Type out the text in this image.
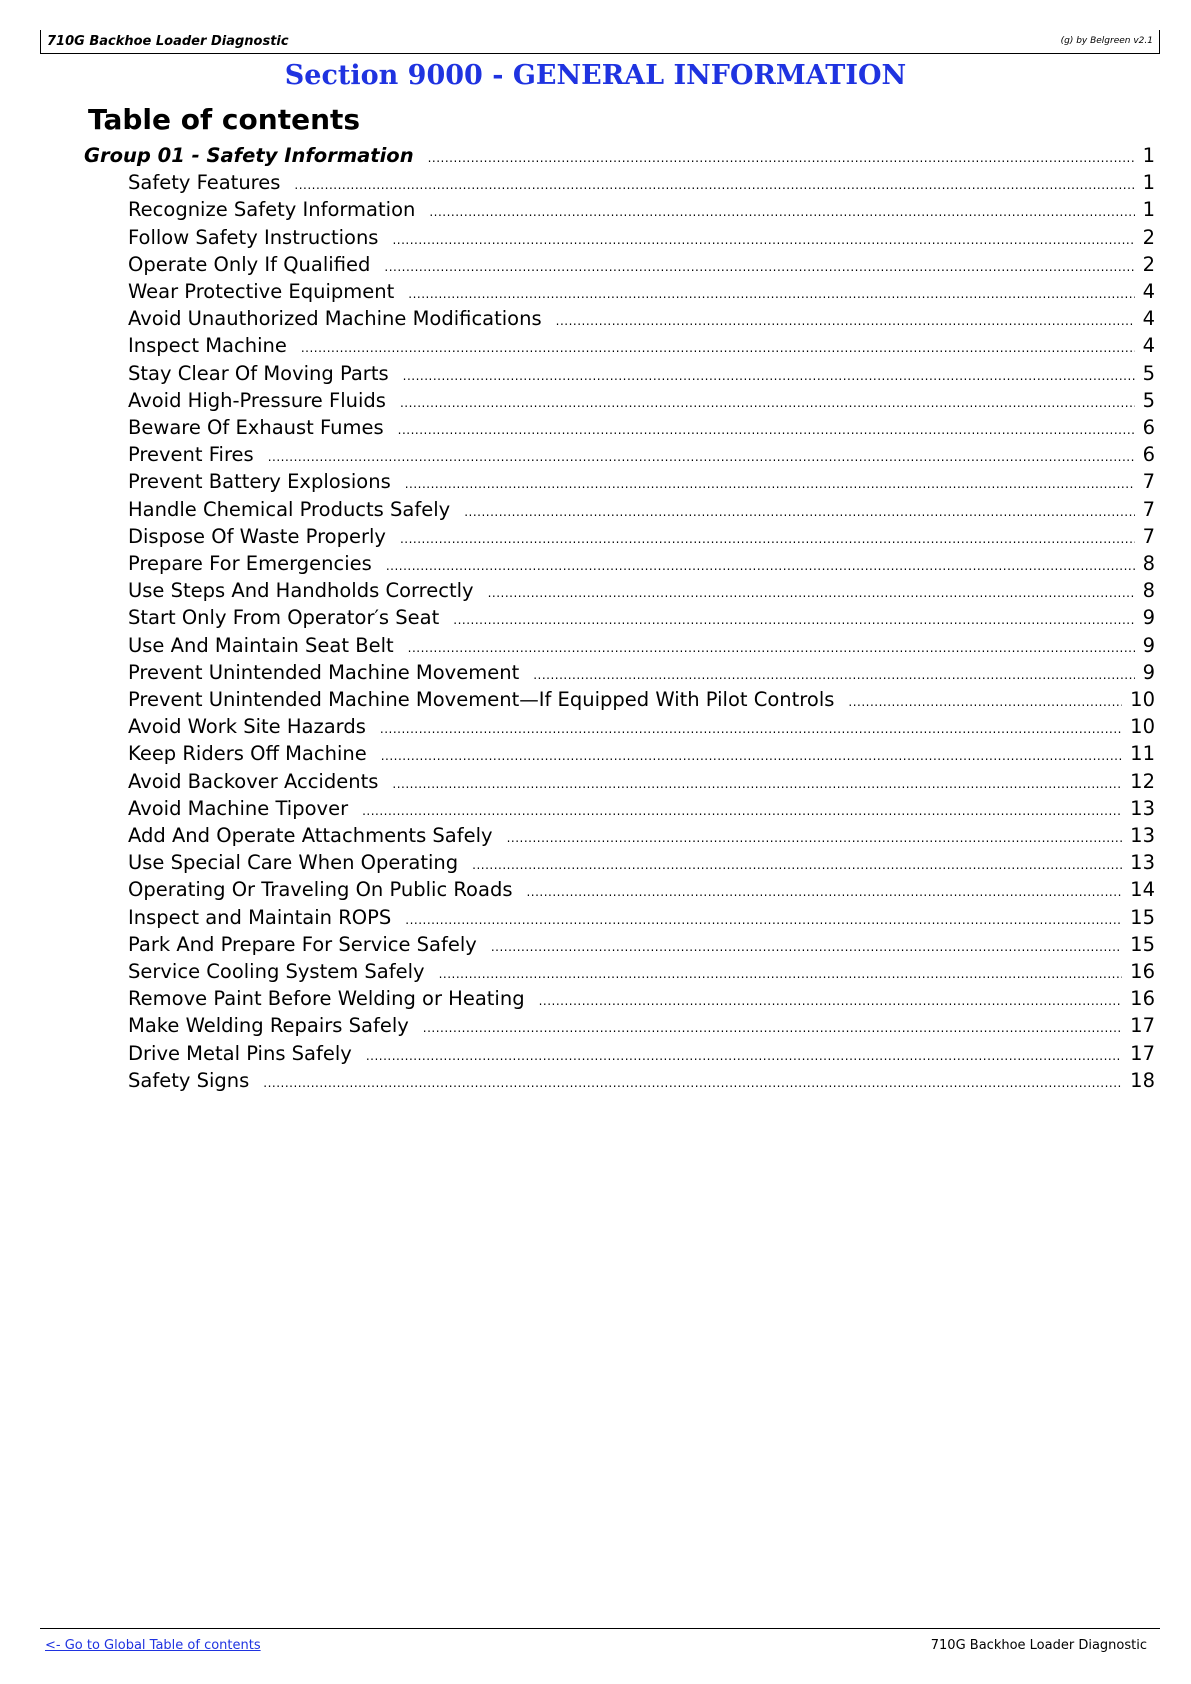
710G Backhoe Loader Diagnostic	(g) by Belgreen v2.1
Section 9000 - GENERAL INFORMATION
Table of contents
Group 01 - Safety Information .....	1
Safety Features .....	1
Recognize Safety Information .....	1
Follow Safety Instructions .....	2
Operate Only If Qualified .....	2
Wear Protective Equipment .....	4
Avoid Unauthorized Machine Modifications .....	4
Inspect Machine .....	4
Stay Clear Of Moving Parts .....	5
Avoid High-Pressure Fluids .....	5
Beware Of Exhaust Fumes .....	6
Prevent Fires .....	6
Prevent Battery Explosions .....	7
Handle Chemical Products Safely .....	7
Dispose Of Waste Properly .....	7
Prepare For Emergencies .....	8
Use Steps And Handholds Correctly .....	8
Start Only From Operator′s Seat .....	9
Use And Maintain Seat Belt .....	9
Prevent Unintended Machine Movement .....	9
Prevent Unintended Machine Movement—If Equipped With Pilot Controls .....	10
Avoid Work Site Hazards .....	10
Keep Riders Off Machine .....	11
Avoid Backover Accidents .....	12
Avoid Machine Tipover .....	13
Add And Operate Attachments Safely .....	13
Use Special Care When Operating .....	13
Operating Or Traveling On Public Roads .....	14
Inspect and Maintain ROPS .....	15
Park And Prepare For Service Safely .....	15
Service Cooling System Safely .....	16
Remove Paint Before Welding or Heating .....	16
Make Welding Repairs Safely .....	17
Drive Metal Pins Safely .....	17
Safety Signs .....	18
<- Go to Global Table of contents	710G Backhoe Loader Diagnostic
